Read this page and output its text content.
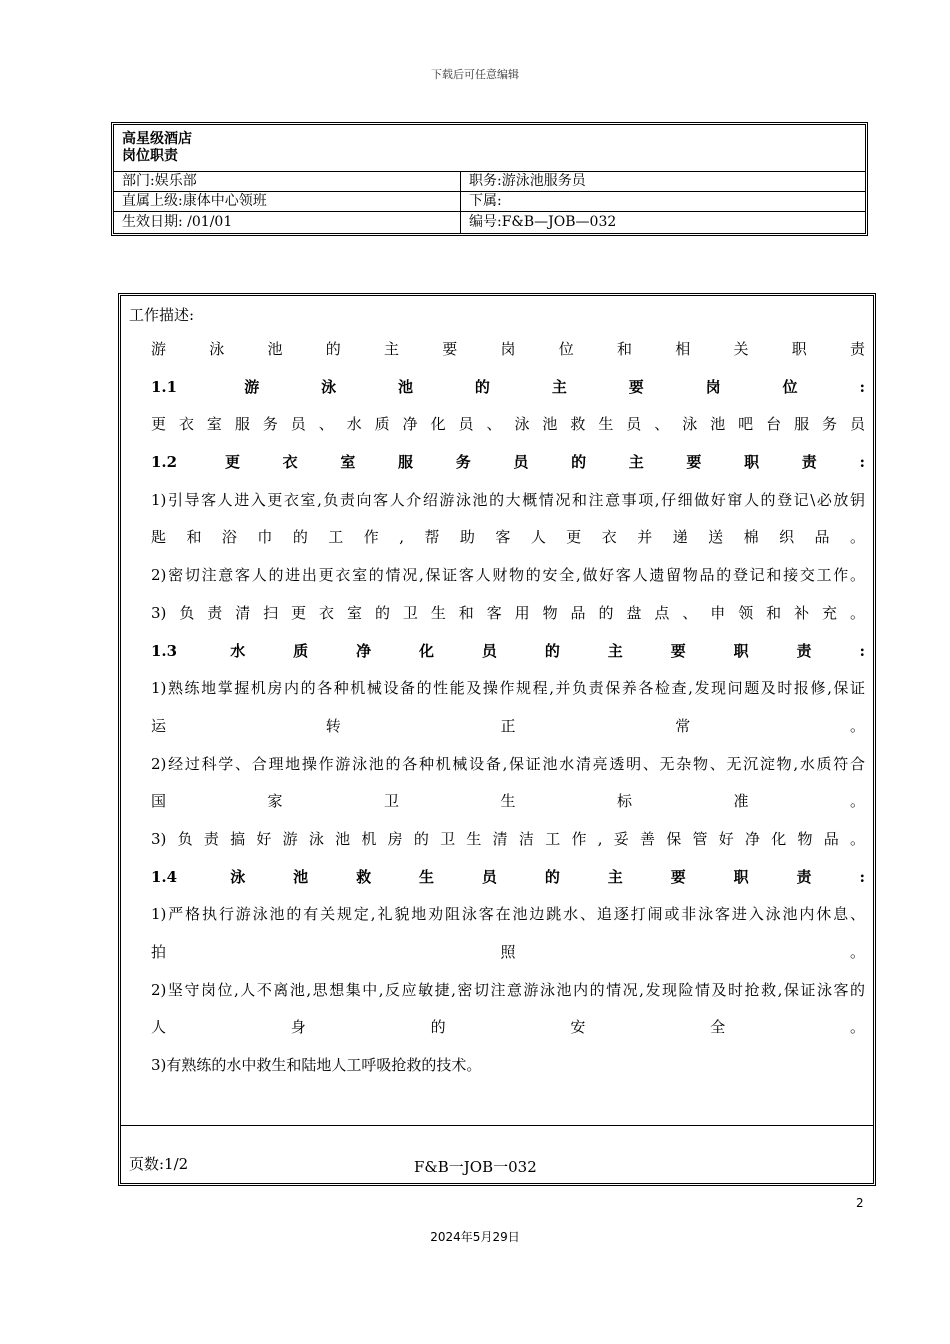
下载后可任意编辑
高星级酒店
岗位职责
部门:娱乐部	职务:游泳池服务员
直属上级:康体中心领班	下属:
生效日期: /01/01	编号:F&B—JOB—032
工作描述:
游泳池的主要岗位和相关职责
1.1 游泳池的主要岗位:
更衣室服务员、水质净化员、泳池救生员、泳池吧台服务员
1.2 更衣室服务员的主要职责:
1)引导客人进入更衣室,负责向客人介绍游泳池的大概情况和注意事项,仔细做好窜人的登记\必放钥
匙和浴巾的工作,帮助客人更衣并递送棉织品。
2)密切注意客人的进出更衣室的情况,保证客人财物的安全,做好客人遗留物品的登记和接交工作。
3)负责清扫更衣室的卫生和客用物品的盘点、申领和补充。
1.3 水质净化员的主要职责:
1)熟练地掌握机房内的各种机械设备的性能及操作规程,并负责保养各检查,发现问题及时报修,保证
运转正常。
2)经过科学、合理地操作游泳池的各种机械设备,保证池水清亮透明、无杂物、无沉淀物,水质符合
国家卫生标准。
3)负责搞好游泳池机房的卫生清洁工作,妥善保管好净化物品。
1.4 泳池救生员的主要职责:
1)严格执行游泳池的有关规定,礼貌地劝阻泳客在池边跳水、追逐打闹或非泳客进入泳池内休息、
拍照。
2)坚守岗位,人不离池,思想集中,反应敏捷,密切注意游泳池内的情况,发现险情及时抢救,保证泳客的
人身的安全。
3)有熟练的水中救生和陆地人工呼吸抢救的技术。
页数:1/2	F&B一JOB一032
2
2024年5月29日
